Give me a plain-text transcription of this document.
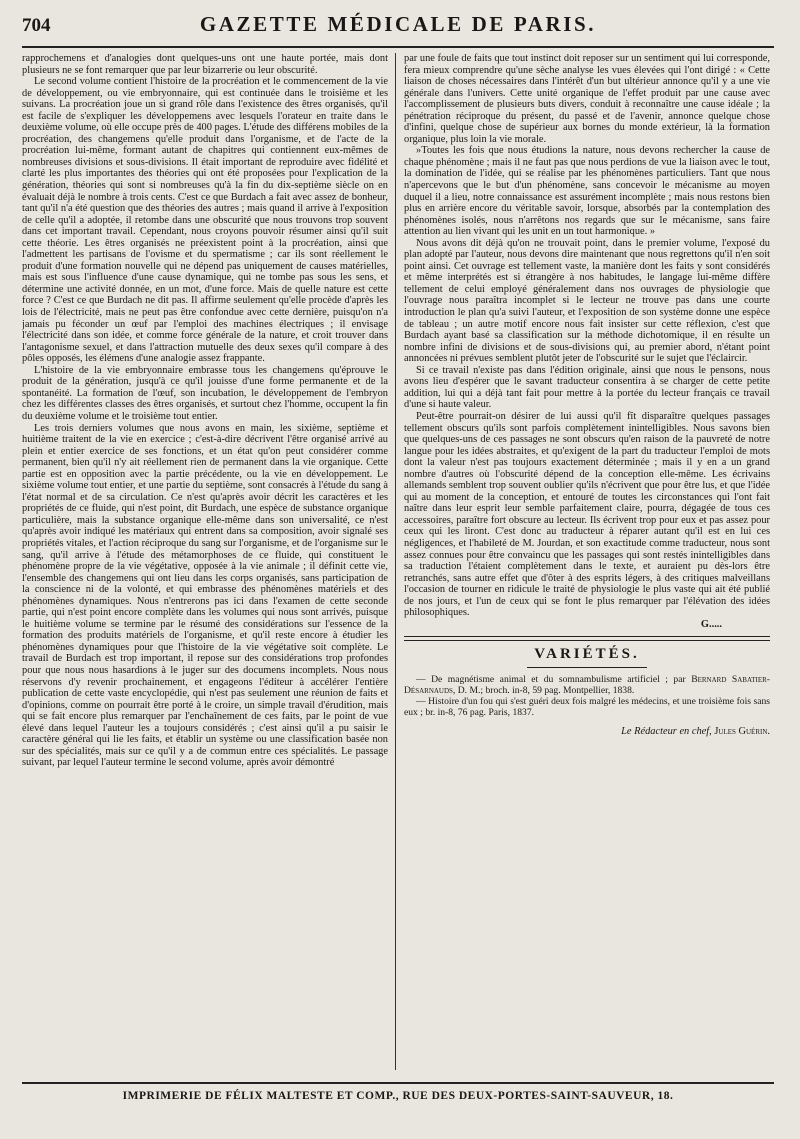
704	GAZETTE MÉDICALE DE PARIS.

rapprochemens et d'analogies dont quelques-uns ont une haute portée, mais dont plusieurs ne se font remarquer que par leur bizarrerie ou leur obscurité.

Le second volume contient l'histoire de la procréation et le commencement de la vie de développement, ou vie embryonnaire, qui est continuée dans le troisième et les suivans. La procréation joue un si grand rôle dans l'existence des êtres organisés, qu'il est facile de s'expliquer les développemens avec lesquels l'orateur en traite dans le deuxième volume, où elle occupe près de 400 pages. L'étude des différens mobiles de la procréation, des changemens qu'elle produit dans l'organisme, et de l'acte de la procréation lui-même, formant autant de chapitres qui contiennent eux-mêmes de nombreuses divisions et sous-divisions. Il était important de reproduire avec fidélité et clarté les plus importantes des théories qui ont été proposées pour l'explication de la génération, théories qui sont si nombreuses qu'à la fin du dix-septième siècle on en évaluait déjà le nombre à trois cents. C'est ce que Burdach a fait avec assez de bonheur, tant qu'il n'a été question que des théories des autres ; mais quand il arrive à l'exposition de celle qu'il a adoptée, il retombe dans une obscurité que nous trouvons trop souvent dans cet important travail. Cependant, nous croyons pouvoir résumer ainsi qu'il suit cette théorie. Les êtres organisés ne préexistent point à la procréation, ainsi que l'admettent les partisans de l'ovisme et du spermatisme ; car ils sont réellement le produit d'une formation nouvelle qui ne dépend pas uniquement de causes matérielles, mais est sous l'influence d'une cause dynamique, qui ne tombe pas sous les sens, et détermine une activité donnée, en un mot, d'une force. Mais de quelle nature est cette force ? C'est ce que Burdach ne dit pas. Il affirme seulement qu'elle procède d'après les lois de l'électricité, mais ne peut pas être confondue avec cette dernière, puisqu'on n'a jamais pu féconder un œuf par l'emploi des machines électriques ; il envisage l'électricité dans son idée, et comme force générale de la nature, et croit trouver dans l'antagonisme sexuel, et dans l'attraction mutuelle des deux sexes qu'il compare à des pôles opposés, les élémens d'une analogie assez frappante.

L'histoire de la vie embryonnaire embrasse tous les changemens qu'éprouve le produit de la génération, jusqu'à ce qu'il jouisse d'une forme permanente et de la spontanéité. La formation de l'œuf, son incubation, le développement de l'embryon chez les différentes classes des êtres organisés, et surtout chez l'homme, occupent la fin du deuxième volume et le troisième tout entier.

Les trois derniers volumes que nous avons en main, les sixième, septième et huitième traitent de la vie en exercice ; c'est-à-dire décrivent l'être organisé arrivé au plein et entier exercice de ses fonctions, et un état qu'on peut considérer comme permanent, bien qu'il n'y ait réellement rien de permanent dans la vie organique. Cette partie est en opposition avec la partie précédente, ou la vie en développement. Le sixième volume tout entier, et une partie du septième, sont consacrés à l'étude du sang à l'état normal et de sa circulation. Ce n'est qu'après avoir décrit les caractères et les propriétés de ce fluide, qui n'est point, dit Burdach, une espèce de substance organique particulière, mais la substance organique elle-même dans son universalité, ce n'est qu'après avoir indiqué les matériaux qui entrent dans sa composition, avoir signalé ses propriétés vitales, et l'action réciproque du sang sur l'organisme, et de l'organisme sur le sang, qu'il arrive à l'étude des métamorphoses de ce fluide, qui constituent le phénomène propre de la vie végétative, opposée à la vie animale ; il définit cette vie, l'ensemble des changemens qui ont lieu dans les corps organisés, sans participation de la conscience ni de la volonté, et qui embrasse des phénomènes matériels et des phénomènes dynamiques. Nous n'entrerons pas ici dans l'examen de cette seconde partie, qui n'est point encore complète dans les volumes qui nous sont arrivés, puisque le huitième volume se termine par le résumé des considérations sur l'essence de la formation des produits matériels de l'organisme, et qu'il reste encore à étudier les phénomènes dynamiques pour que l'histoire de la vie végétative soit complète. Le travail de Burdach est trop important, il repose sur des considérations trop profondes pour que nous nous hasardions à le juger sur des documens incomplets. Nous nous réservons d'y revenir prochainement, et engageons l'éditeur à accélérer l'entière publication de cette vaste encyclopédie, qui n'est pas seulement une réunion de faits et d'opinions, comme on pourrait être porté à le croire, un simple travail d'érudition, mais qui se fait encore plus remarquer par l'enchaînement de ces faits, par le point de vue élevé dans lequel l'auteur les a toujours considérés ; c'est ainsi qu'il a pu saisir le caractère général qui lie les faits, et établir un système ou une classification basée non sur des spécialités, mais sur ce qu'il y a de commun entre ces spécialités. Le passage suivant, par lequel l'auteur termine le second volume, après avoir démontré

par une foule de faits que tout instinct doit reposer sur un sentiment qui lui corresponde, fera mieux comprendre qu'une sèche analyse les vues élevées qui l'ont dirigé : « Cette liaison de choses nécessaires dans l'intérêt d'un but ultérieur annonce qu'il y a une vie générale dans l'univers. Cette unité organique de l'effet produit par une cause avec l'accomplissement de plusieurs buts divers, conduit à reconnaître une cause idéale ; la pénétration réciproque du présent, du passé et de l'avenir, annonce quelque chose d'infini, quelque chose de supérieur aux bornes du monde extérieur, là la formation organique, plus loin la vie morale.

»Toutes les fois que nous étudions la nature, nous devons rechercher la cause de chaque phénomène ; mais il ne faut pas que nous perdions de vue la liaison avec le tout, la domination de l'idée, qui se réalise par les phénomènes particuliers. Tant que nous n'apercevons que le but d'un phénomène, sans concevoir le mécanisme au moyen duquel il a lieu, notre connaissance est assurément incomplète ; mais nous restons bien plus en arrière encore du véritable savoir, lorsque, absorbés par la contemplation des phénomènes isolés, nous n'arrêtons nos regards que sur le mécanisme, sans faire attention au lien vivant qui les unit en un tout harmonique. »

Nous avons dit déjà qu'on ne trouvait point, dans le premier volume, l'exposé du plan adopté par l'auteur, nous devons dire maintenant que nous regrettons qu'il n'en soit point ainsi. Cet ouvrage est tellement vaste, la manière dont les faits y sont considérés et même interprétés est si étrangère à nos habitudes, le langage lui-même diffère tellement de celui employé généralement dans nos ouvrages de physiologie que l'ouvrage nous paraîtra incomplet si le lecteur ne trouve pas dans une courte introduction le plan qu'a suivi l'auteur, et l'exposition de son système donne une espèce de tableau ; un autre motif encore nous fait insister sur cette réflexion, c'est que Burdach ayant basé sa classification sur la méthode dichotomique, il en résulte un nombre infini de divisions et de sous-divisions qui, au premier abord, n'étant point annoncées ni prévues semblent plutôt jeter de l'obscurité sur le sujet que l'éclaircir.

Si ce travail n'existe pas dans l'édition originale, ainsi que nous le pensons, nous avons lieu d'espérer que le savant traducteur consentira à se charger de cette petite addition, lui qui a déjà tant fait pour mettre à la portée du lecteur français ce travail d'une si haute valeur.

Peut-être pourrait-on désirer de lui aussi qu'il fît disparaître quelques passages tellement obscurs qu'ils sont parfois complètement inintelligibles. Nous savons bien que quelques-uns de ces passages ne sont obscurs qu'en raison de la pauvreté de notre langue pour les idées abstraites, et qu'exigent de la part du traducteur l'emploi de mots dont la valeur n'est pas toujours exactement déterminée ; mais il y en a un grand nombre d'autres où l'obscurité dépend de la conception elle-même. Les écrivains allemands semblent trop souvent oublier qu'ils n'écrivent que pour être lus, et que l'idée qui au moment de la conception, et entouré de toutes les circonstances qui l'ont fait naître dans leur esprit leur semble parfaitement claire, pourra, dégagée de tous ces accessoires, paraître fort obscure au lecteur. Ils écrivent trop pour eux et pas assez pour ceux qui les liront. C'est donc au traducteur à réparer autant qu'il est en lui ces négligences, et l'habileté de M. Jourdan, et son exactitude comme traducteur, nous sont assez connues pour être convaincu que les passages qui sont restés inintelligibles dans sa traduction l'étaient complètement dans le texte, et auraient pu dès-lors être retranchés, sans autre effet que d'ôter à des esprits légers, à des critiques malveillans l'occasion de tourner en ridicule le traité de physiologie le plus vaste qui ait été publié de nos jours, et l'un de ceux qui se font le plus remarquer par l'élévation des idées philosophiques.

G.....
VARIÉTÉS.

— De magnétisme animal et du somnambulisme artificiel ; par Bernard Sabatier-Désarnauds, D. M.; broch. in-8, 59 pag. Montpellier, 1838.

— Histoire d'un fou qui s'est guéri deux fois malgré les médecins, et une troisième fois sans eux ; br. in-8, 76 pag. Paris, 1837.

Le Rédacteur en chef, Jules Guérin.
IMPRIMERIE DE FÉLIX MALTESTE ET COMP., RUE DES DEUX-PORTES-SAINT-SAUVEUR, 18.
